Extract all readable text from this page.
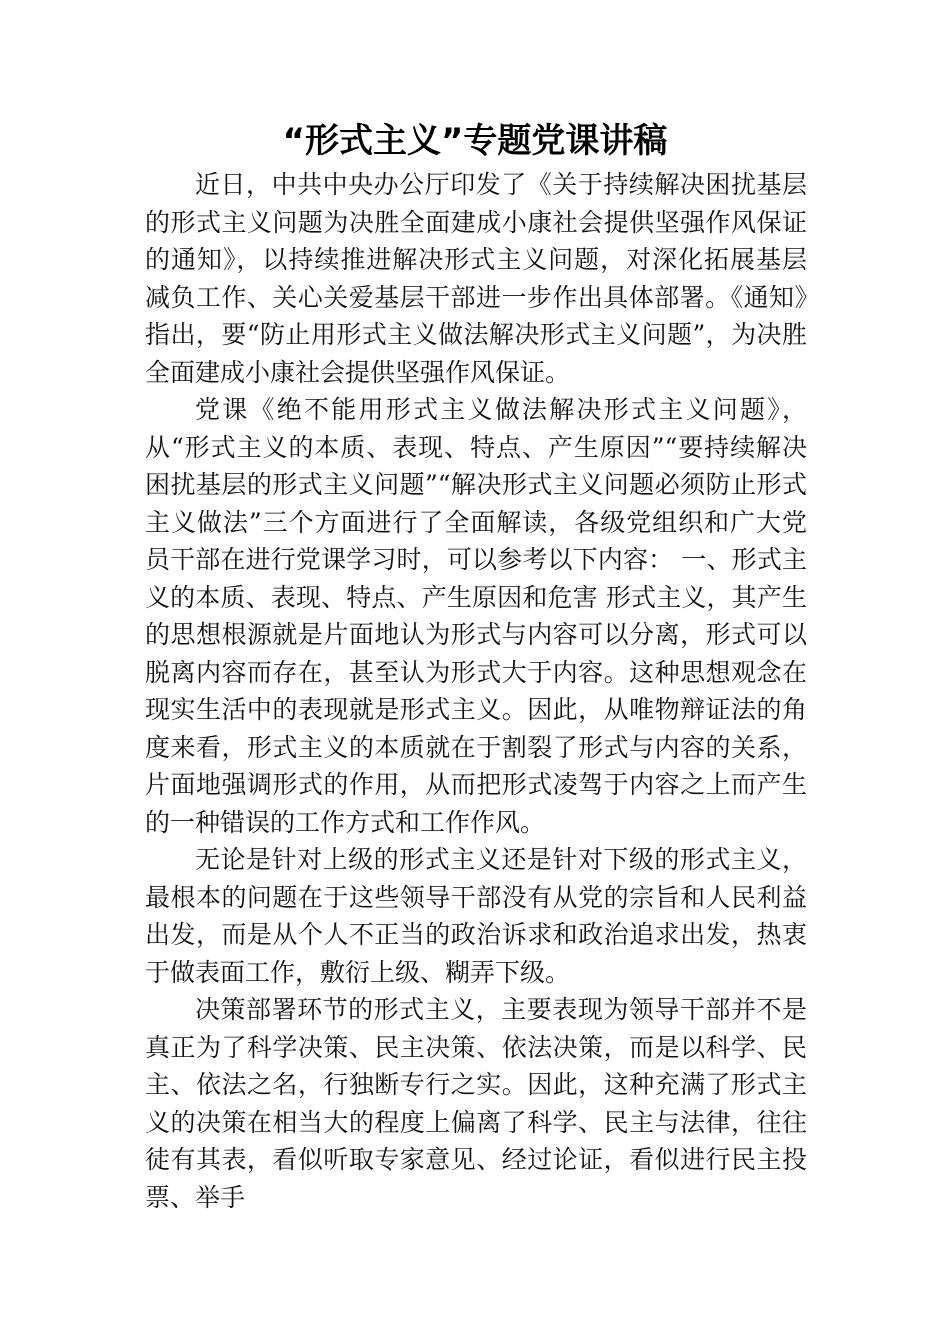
“形式主义”专题党课讲稿

近日，中共中央办公厅印发了《关于持续解决困扰基层的形式主义问题为决胜全面建成小康社会提供坚强作风保证的通知》，以持续推进解决形式主义问题，对深化拓展基层减负工作、关心关爱基层干部进一步作出具体部署。《通知》指出，要“防止用形式主义做法解决形式主义问题”，为决胜全面建成小康社会提供坚强作风保证。

党课《绝不能用形式主义做法解决形式主义问题》，从“形式主义的本质、表现、特点、产生原因”“要持续解决困扰基层的形式主义问题”“解决形式主义问题必须防止形式主义做法”三个方面进行了全面解读，各级党组织和广大党员干部在进行党课学习时，可以参考以下内容： 一、形式主义的本质、表现、特点、产生原因和危害 形式主义，其产生的思想根源就是片面地认为形式与内容可以分离，形式可以脱离内容而存在，甚至认为形式大于内容。这种思想观念在现实生活中的表现就是形式主义。因此，从唯物辩证法的角度来看，形式主义的本质就在于割裂了形式与内容的关系，片面地强调形式的作用，从而把形式凌驾于内容之上而产生的一种错误的工作方式和工作作风。

无论是针对上级的形式主义还是针对下级的形式主义，最根本的问题在于这些领导干部没有从党的宗旨和人民利益出发，而是从个人不正当的政治诉求和政治追求出发，热衷于做表面工作，敷衍上级、糊弄下级。

决策部署环节的形式主义，主要表现为领导干部并不是真正为了科学决策、民主决策、依法决策，而是以科学、民主、依法之名，行独断专行之实。因此，这种充满了形式主义的决策在相当大的程度上偏离了科学、民主与法律，往往徒有其表，看似听取专家意见、经过论证，看似进行民主投票、举手
